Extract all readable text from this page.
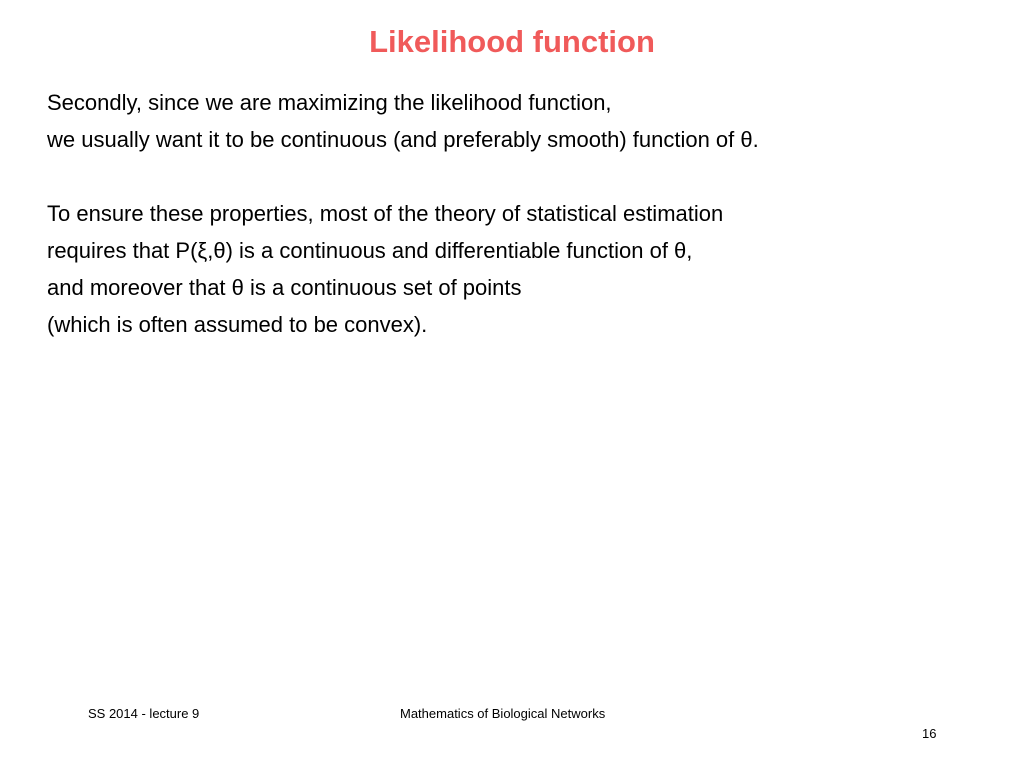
Likelihood function
Secondly, since we are maximizing the likelihood function,
we usually want it to be continuous (and preferably smooth) function of θ.
To ensure these properties, most of the theory of statistical estimation
requires that P(ξ,θ) is a continuous and differentiable function of θ,
and moreover that θ is a continuous set of points
(which is often assumed to be convex).
SS 2014 - lecture 9	Mathematics of Biological Networks
16
